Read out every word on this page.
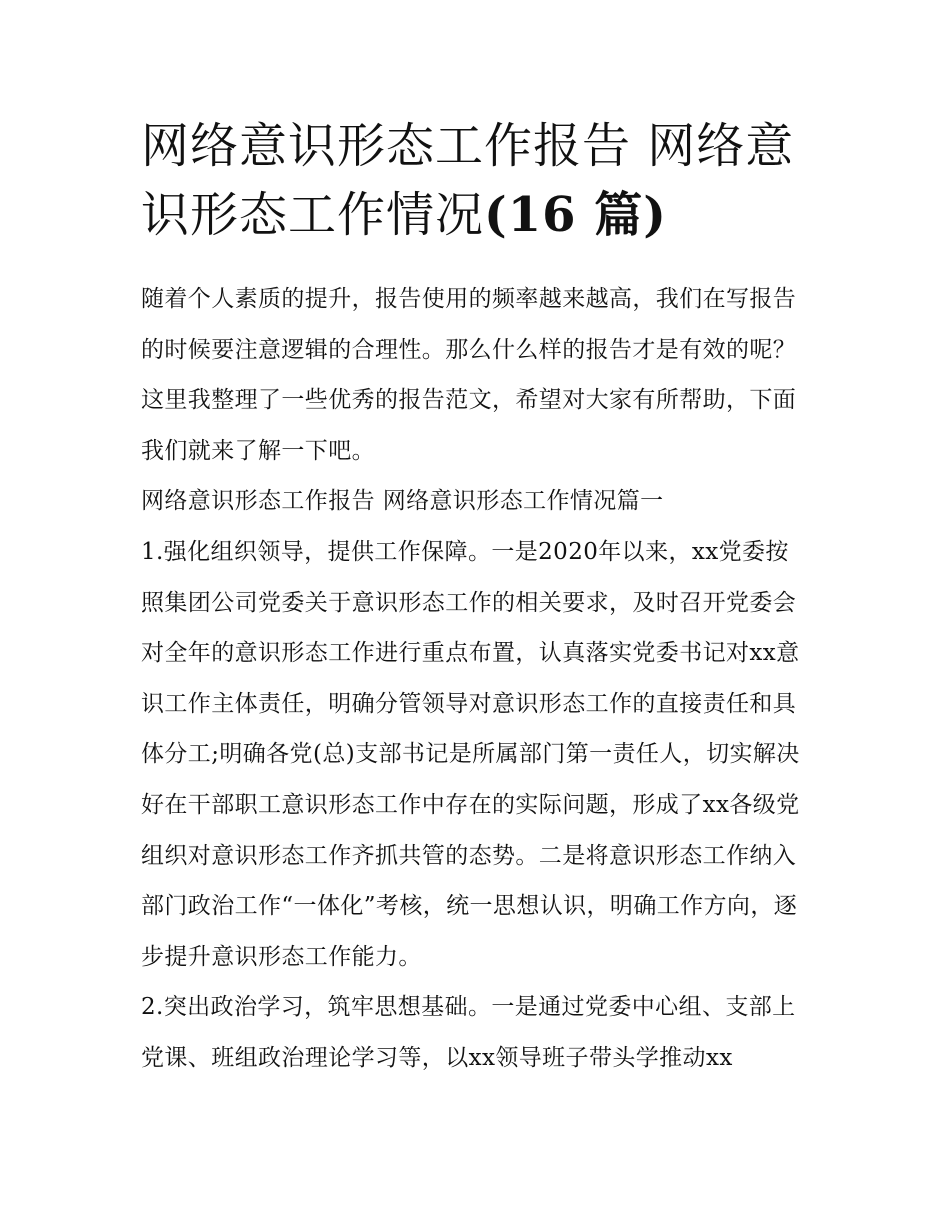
网络意识形态工作报告 网络意识形态工作情况(16 篇)

随着个人素质的提升，报告使用的频率越来越高，我们在写报告的时候要注意逻辑的合理性。那么什么样的报告才是有效的呢？这里我整理了一些优秀的报告范文，希望对大家有所帮助，下面我们就来了解一下吧。

网络意识形态工作报告 网络意识形态工作情况篇一

1.强化组织领导，提供工作保障。一是2020年以来，xx党委按照集团公司党委关于意识形态工作的相关要求，及时召开党委会对全年的意识形态工作进行重点布置，认真落实党委书记对xx意识工作主体责任，明确分管领导对意识形态工作的直接责任和具体分工;明确各党(总)支部书记是所属部门第一责任人，切实解决好在干部职工意识形态工作中存在的实际问题，形成了xx各级党组织对意识形态工作齐抓共管的态势。二是将意识形态工作纳入部门政治工作“一体化”考核，统一思想认识，明确工作方向，逐步提升意识形态工作能力。

2.突出政治学习，筑牢思想基础。一是通过党委中心组、支部上党课、班组政治理论学习等，以xx领导班子带头学推动xx
